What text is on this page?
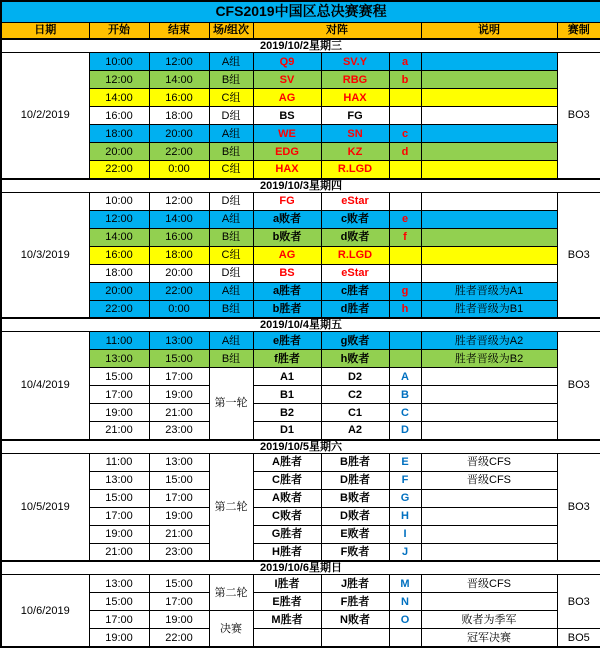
CFS2019中国区总决赛赛程								
日期	开始	结束	场/组次	对阵			说明	赛制
2019/10/2星期三								
10/2/2019	10:00	12:00	A组	Q9	SV.Y	a		BO3
	12:00	14:00	B组	SV	RBG	b		
	14:00	16:00	C组	AG	HAX			
	16:00	18:00	D组	BS	FG			
	18:00	20:00	A组	WE	SN	c		
	20:00	22:00	B组	EDG	KZ	d		
	22:00	0:00	C组	HAX	R.LGD			
2019/10/3星期四								
10/3/2019	10:00	12:00	D组	FG	eStar			BO3
	12:00	14:00	A组	a败者	c败者	e		
	14:00	16:00	B组	b败者	d败者	f		
	16:00	18:00	C组	AG	R.LGD			
	18:00	20:00	D组	BS	eStar			
	20:00	22:00	A组	a胜者	c胜者	g	胜者晋级为A1	
	22:00	0:00	B组	b胜者	d胜者	h	胜者晋级为B1	
2019/10/4星期五								
10/4/2019	11:00	13:00	A组	e胜者	g败者		胜者晋级为A2	BO3
	13:00	15:00	B组	f胜者	h败者		胜者晋级为B2	
	15:00	17:00	第一轮	A1	D2	A		
	17:00	19:00		B1	C2	B		
	19:00	21:00		B2	C1	C		
	21:00	23:00		D1	A2	D		
2019/10/5星期六								
10/5/2019	11:00	13:00	第二轮	A胜者	B胜者	E	晋级CFS	BO3
	13:00	15:00		C胜者	D胜者	F	晋级CFS	
	15:00	17:00		A败者	B败者	G		
	17:00	19:00		C败者	D败者	H		
	19:00	21:00		G胜者	E败者	I		
	21:00	23:00		H胜者	F败者	J		
2019/10/6星期日								
10/6/2019	13:00	15:00	第二轮	I胜者	J胜者	M	晋级CFS	BO3
	15:00	17:00		E胜者	F胜者	N		
	17:00	19:00	决赛	M胜者	N败者	O	败者为季军	
	19:00	22:00					冠军决赛	BO5
